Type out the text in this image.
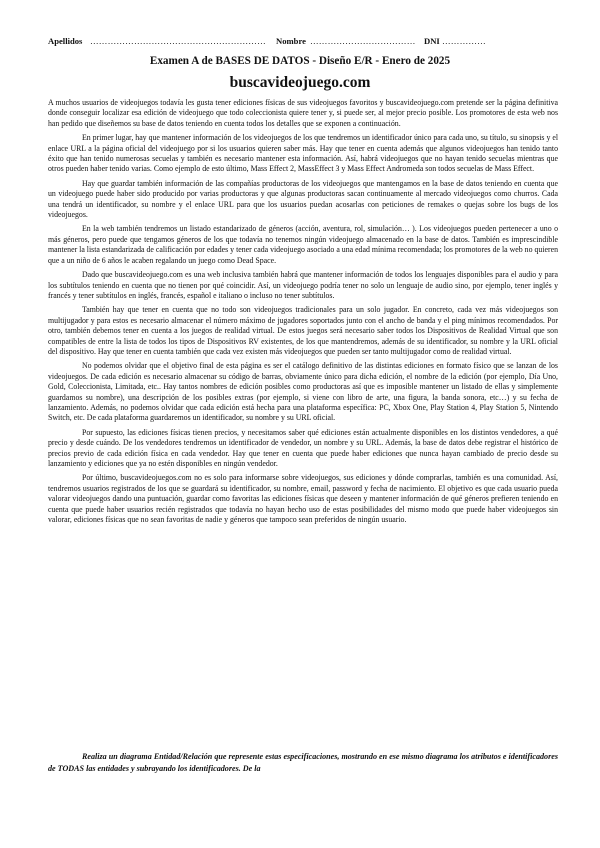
Apellidos …………………………………………………… Nombre ……………………………… DNI ……………
Examen A de BASES DE DATOS - Diseño E/R - Enero de 2025
buscavideojuego.com

A muchos usuarios de videojuegos todavía les gusta tener ediciones físicas de sus videojuegos favoritos y buscavideojuego.com pretende ser la página definitiva donde conseguir localizar esa edición de videojuego que todo coleccionista quiere tener y, si puede ser, al mejor precio posible. Los promotores de esta web nos han pedido que diseñemos su base de datos teniendo en cuenta todos los detalles que se exponen a continuación.

En primer lugar, hay que mantener información de los videojuegos de los que tendremos un identificador único para cada uno, su título, su sinopsis y el enlace URL a la página oficial del videojuego por si los usuarios quieren saber más. Hay que tener en cuenta además que algunos videojuegos han tenido tanto éxito que han tenido numerosas secuelas y también es necesario mantener esta información. Así, habrá videojuegos que no hayan tenido secuelas mientras que otros pueden haber tenido varias. Como ejemplo de esto último, Mass Effect 2, MassEffect 3 y Mass Effect Andromeda son todos secuelas de Mass Effect.

Hay que guardar también información de las compañías productoras de los videojuegos que mantengamos en la base de datos teniendo en cuenta que un videojuego puede haber sido producido por varias productoras y que algunas productoras sacan continuamente al mercado videojuegos como churros. Cada una tendrá un identificador, su nombre y el enlace URL para que los usuarios puedan acosarlas con peticiones de remakes o quejas sobre los bugs de los videojuegos.

En la web también tendremos un listado estandarizado de géneros (acción, aventura, rol, simulación… ). Los videojuegos pueden pertenecer a uno o más géneros, pero puede que tengamos géneros de los que todavía no tenemos ningún videojuego almacenado en la base de datos. También es imprescindible mantener la lista estandarizada de calificación por edades y tener cada videojuego asociado a una edad mínima recomendada; los promotores de la web no quieren que a un niño de 6 años le acaben regalando un juego como Dead Space.

Dado que buscavideojuego.com es una web inclusiva también habrá que mantener información de todos los lenguajes disponibles para el audio y para los subtítulos teniendo en cuenta que no tienen por qué coincidir. Así, un videojuego podría tener no solo un lenguaje de audio sino, por ejemplo, tener inglés y francés y tener subtítulos en inglés, francés, español e italiano o incluso no tener subtítulos.

También hay que tener en cuenta que no todo son videojuegos tradicionales para un solo jugador. En concreto, cada vez más videojuegos son multijugador y para estos es necesario almacenar el número máximo de jugadores soportados junto con el ancho de banda y el ping mínimos recomendados. Por otro, también debemos tener en cuenta a los juegos de realidad virtual. De estos juegos será necesario saber todos los Dispositivos de Realidad Virtual que son compatibles de entre la lista de todos los tipos de Dispositivos RV existentes, de los que mantendremos, además de su identificador, su nombre y la URL oficial del dispositivo. Hay que tener en cuenta también que cada vez existen más videojuegos que pueden ser tanto multijugador como de realidad virtual.

No podemos olvidar que el objetivo final de esta página es ser el catálogo definitivo de las distintas ediciones en formato físico que se lanzan de los videojuegos. De cada edición es necesario almacenar su código de barras, obviamente único para dicha edición, el nombre de la edición (por ejemplo, Día Uno, Gold, Coleccionista, Limitada, etc.. Hay tantos nombres de edición posibles como productoras así que es imposible mantener un listado de ellas y simplemente guardamos su nombre), una descripción de los posibles extras (por ejemplo, si viene con libro de arte, una figura, la banda sonora, etc…) y su fecha de lanzamiento. Además, no podemos olvidar que cada edición está hecha para una plataforma específica: PC, Xbox One, Play Station 4, Play Station 5, Nintendo Switch, etc. De cada plataforma guardaremos un identificador, su nombre y su URL oficial.

Por supuesto, las ediciones físicas tienen precios, y necesitamos saber qué ediciones están actualmente disponibles en los distintos vendedores, a qué precio y desde cuándo. De los vendedores tendremos un identificador de vendedor, un nombre y su URL. Además, la base de datos debe registrar el histórico de precios previo de cada edición física en cada vendedor. Hay que tener en cuenta que puede haber ediciones que nunca hayan cambiado de precio desde su lanzamiento y ediciones que ya no estén disponibles en ningún vendedor.

Por último, buscavideojuegos.com no es solo para informarse sobre videojuegos, sus ediciones y dónde comprarlas, también es una comunidad. Así, tendremos usuarios registrados de los que se guardará su identificador, su nombre, email, password y fecha de nacimiento. El objetivo es que cada usuario pueda valorar videojuegos dando una puntuación, guardar como favoritas las ediciones físicas que deseen y mantener información de qué géneros prefieren teniendo en cuenta que puede haber usuarios recién registrados que todavía no hayan hecho uso de estas posibilidades del mismo modo que puede haber videojuegos sin valorar, ediciones físicas que no sean favoritas de nadie y géneros que tampoco sean preferidos de ningún usuario.

Realiza un diagrama Entidad/Relación que represente estas especificaciones, mostrando en ese mismo diagrama los atributos e identificadores de TODAS las entidades y subrayando los identificadores. De la
